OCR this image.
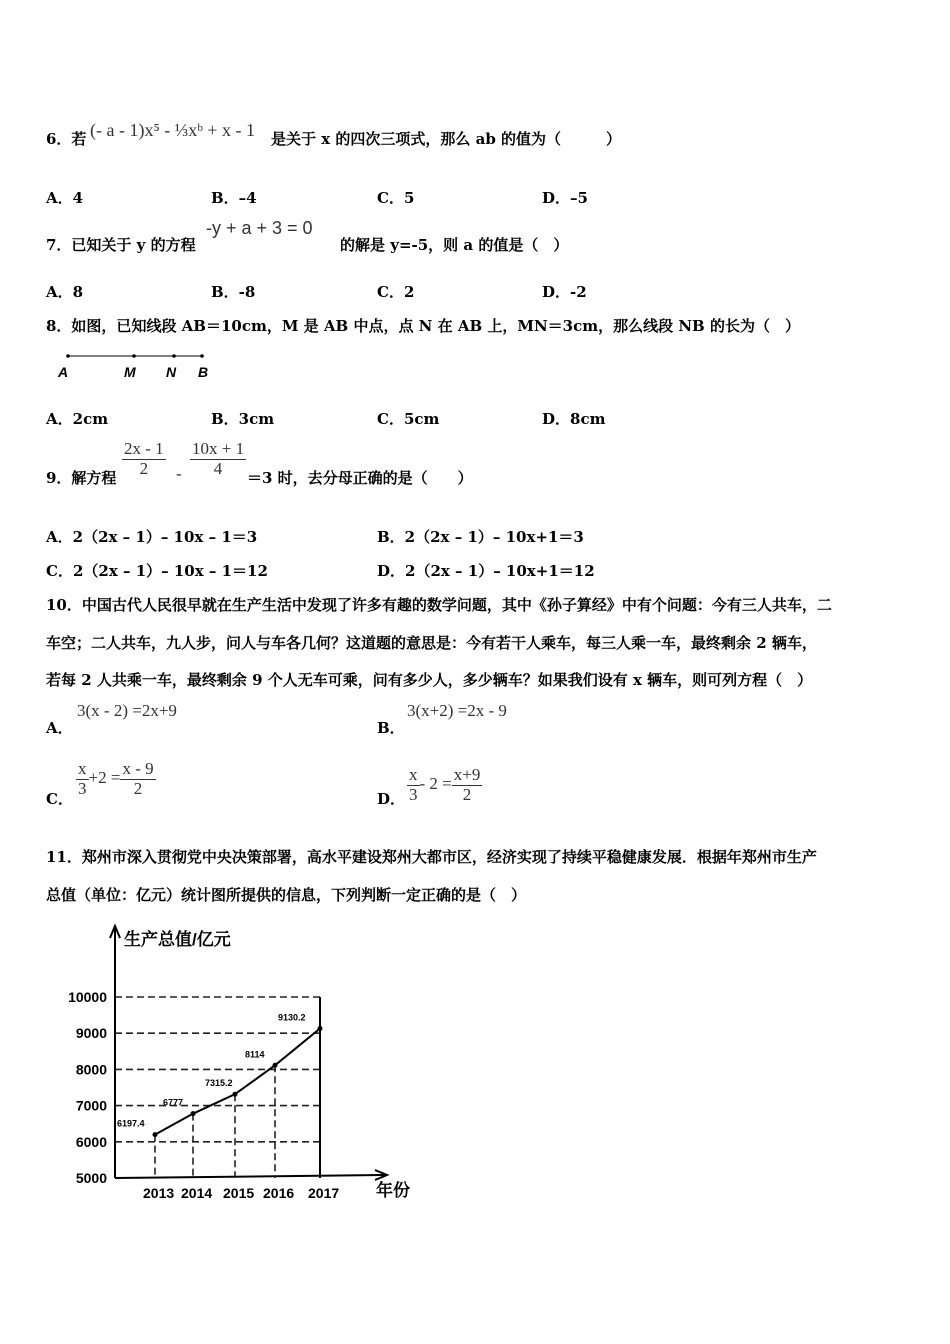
6．若 (- a - 1)x⁵ - ⅓xᵇ + x - 1 是关于 x 的四次三项式，那么 ab 的值为（　　　）
A．4	B．–4	C．5	D．–5
7．已知关于 y 的方程
-y + a + 3 = 0
的解是 y=-5，则 a 的值是（　）
A．8	B．-8	C．2	D．-2
8．如图，已知线段 AB＝10cm，M 是 AB 中点，点 N 在 AB 上，MN＝3cm，那么线段 NB 的长为（　）
A	M N B
A．2cm	B．3cm	C．5cm	D．8cm
9．解方程 $\frac{2x - 1}{2} - \frac{10x + 1}{4} =3$ 时，去分母正确的是（　　）
A．2（2x – 1）– 10x – 1＝3	B．2（2x – 1）– 10x+1＝3
C．2（2x – 1）– 10x – 1＝12	D．2（2x – 1）– 10x+1＝12
10．中国古代人民很早就在生产生活中发现了许多有趣的数学问题，其中《孙子算经》中有个问题：今有三人共车，二
车空；二人共车，九人步，问人与车各几何？这道题的意思是：今有若干人乘车，每三人乘一车，最终剩余 2 辆车，
若每 2 人共乘一车，最终剩余 9 个人无车可乘，问有多少人，多少辆车？如果我们设有 x 辆车，则可列方程（　）
A．
3(x - 2) =2x+9
B．
3(x+2) =2x - 9
C．
$\frac{x}{3} +2 = \frac{x - 9}{2}$
D． $\frac{x}{3} - 2 = \frac{x+9}{2}$
11．郑州市深入贯彻党中央决策部署，高水平建设郑州大都市区，经济实现了持续平稳健康发展．根据年郑州市生产
总值（单位：亿元）统计图所提供的信息，下列判断一定正确的是（　）
生产总值/亿元
年份
5000
6000
7000
8000
9000
10000
2013
6197.4
2014
6777
2015
7315.2
2016
8114
2017
9130.2
